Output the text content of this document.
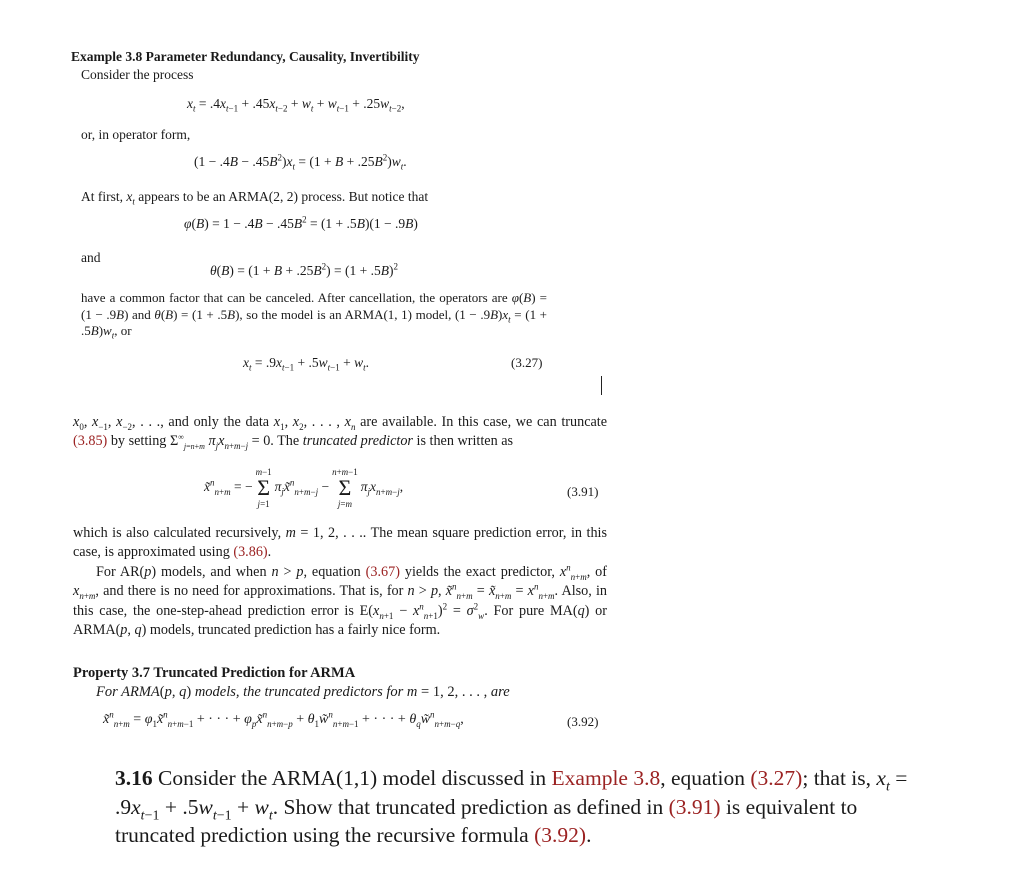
Example 3.8 Parameter Redundancy, Causality, Invertibility
Consider the process
$x_t = .4x_{t-1} + .45x_{t-2} + w_t + w_{t-1} + .25w_{t-2}$,
or, in operator form,
$(1 - .4B - .45B^2)x_t = (1 + B + .25B^2)w_t$.
At first, $x_t$ appears to be an ARMA(2, 2) process. But notice that
$\varphi(B) = 1 - .4B - .45B^2 = (1 + .5B)(1 - .9B)$
and
$\theta(B) = (1 + B + .25B^2) = (1 + .5B)^2$
have a common factor that can be canceled. After cancellation, the operators are φ(B) = (1 − .9B) and θ(B) = (1 + .5B), so the model is an ARMA(1, 1) model, $(1 - .9B)x_t = (1 + .5B)w_t$, or
$x_t = .9x_{t-1} + .5w_{t-1} + w_t$.	(3.27)
$x_0$, $x_{-1}$, $x_{-2}$, . . ., and only the data $x_1$, $x_2$, . . . , $x_n$ are available. In this case, we can truncate (3.85) by setting $\Sigma^\infty_{j=n+m}$ $\pi_jx_{n+m-j} = 0$. The truncated predictor is then written as
x̃$^n_{n+m}$ = −
m−1
Σ
j=1
$\pi_jx̃^n_{n+m-j}$ −
n+m−1
Σ
j=m
$\pi_jx_{n+m-j}$,	(3.91)
which is also calculated recursively, m = 1, 2, . . .. The mean square prediction error, in this case, is approximated using (3.86).
For AR(p) models, and when n > p, equation (3.67) yields the exact predictor, $x^n_{n+m}$, of $x_{n+m}$, and there is no need for approximations. That is, for n > p, x̃$^n_{n+m}$ = $x̃_{n+m} = x^n_{n+m}$. Also, in this case, the one-step-ahead prediction error is $E(x_{n+1} - x^n_{n+1})^2 = \sigma^2_w$. For pure MA(q) or ARMA(p, q) models, truncated prediction has a fairly nice form.
Property 3.7 Truncated Prediction for ARMA
For ARMA(p, q) models, the truncated predictors for m = 1, 2, . . . , are
x̃$^n_{n+m}$ = $\varphi_1x̃^n_{n+m-1}$ + · · · + $\varphi_px̃^n_{n+m-p}$ + $\theta_1w̃^n_{n+m-1}$ + · · · + $\theta_qw̃^n_{n+m-q}$,	(3.92)
3.16 Consider the ARMA(1,1) model discussed in Example 3.8, equation (3.27); that is, $x_t = .9x_{t-1} + .5w_{t-1} + w_t$. Show that truncated prediction as defined in (3.91) is equivalent to truncated prediction using the recursive formula (3.92).
